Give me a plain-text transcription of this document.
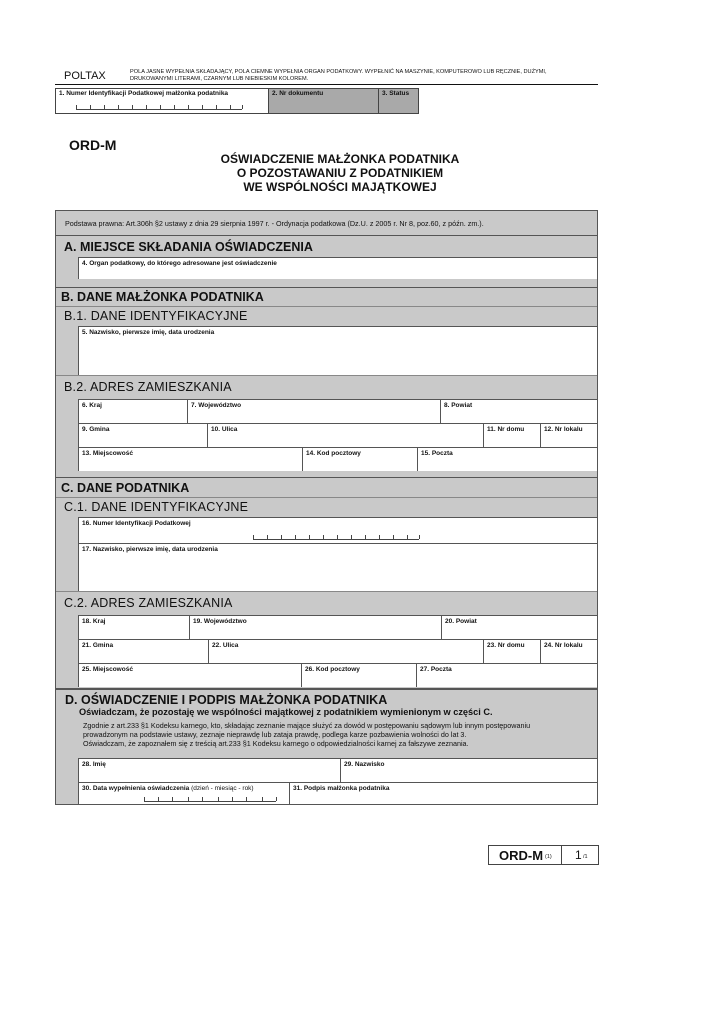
POLTAX	POLA JASNE WYPEŁNIA SKŁADAJĄCY, POLA CIEMNE WYPEŁNIA ORGAN PODATKOWY. WYPEŁNIĆ NA MASZYNIE, KOMPUTEROWO LUB RĘCZNIE, DUŻYMI,
DRUKOWANYMI LITERAMI, CZARNYM LUB NIEBIESKIM KOLOREM.
1. Numer Identyfikacji Podatkowej małżonka podatnika	2. Nr dokumentu	3. Status
ORD-M
OŚWIADCZENIE MAŁŻONKA PODATNIKA
O POZOSTAWANIU Z PODATNIKIEM
WE WSPÓLNOŚCI MAJĄTKOWEJ
Podstawa prawna: Art.306h §2 ustawy z dnia 29 sierpnia 1997 r. - Ordynacja podatkowa (Dz.U. z 2005 r. Nr 8, poz.60, z późn. zm.).
A. MIEJSCE SKŁADANIA OŚWIADCZENIA
4. Organ podatkowy, do którego adresowane jest oświadczenie
B. DANE MAŁŻONKA PODATNIKA
B.1. DANE IDENTYFIKACYJNE
5. Nazwisko, pierwsze imię, data urodzenia
B.2. ADRES ZAMIESZKANIA
6. Kraj	7. Województwo	8. Powiat
9. Gmina	10. Ulica	11. Nr domu	12. Nr lokalu
13. Miejscowość	14. Kod pocztowy	15. Poczta
C. DANE PODATNIKA
C.1. DANE IDENTYFIKACYJNE
16. Numer Identyfikacji Podatkowej
17. Nazwisko, pierwsze imię, data urodzenia
C.2. ADRES ZAMIESZKANIA
18. Kraj	19. Województwo	20. Powiat
21. Gmina	22. Ulica	23. Nr domu	24. Nr lokalu
25. Miejscowość	26. Kod pocztowy	27. Poczta
D. OŚWIADCZENIE I PODPIS MAŁŻONKA PODATNIKA
Oświadczam, że pozostaję we wspólności majątkowej z podatnikiem wymienionym w części C.
Zgodnie z art.233 §1 Kodeksu karnego, kto, składając zeznanie mające służyć za dowód w postępowaniu sądowym lub innym postępowaniu
prowadzonym na podstawie ustawy, zeznaje nieprawdę lub zataja prawdę, podlega karze pozbawienia wolności do lat 3.
Oświadczam, że zapoznałem się z treścią art.233 §1 Kodeksu karnego o odpowiedzialności karnej za fałszywe zeznania.
28. Imię	29. Nazwisko
30. Data wypełnienia oświadczenia (dzień - miesiąc - rok)	31. Podpis małżonka podatnika
ORD-M (1) 1 /1
